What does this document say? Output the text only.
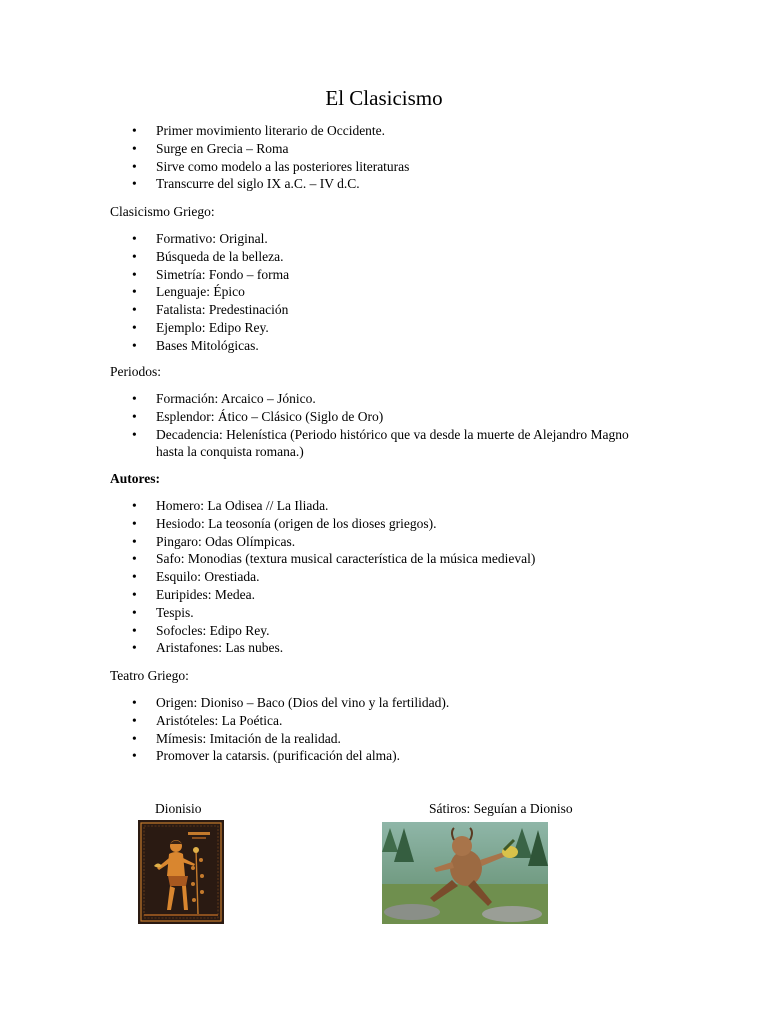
El Clasicismo
• Primer movimiento literario de Occidente.
• Surge en Grecia – Roma
• Sirve como modelo a las posteriores literaturas
• Transcurre del siglo IX a.C. – IV d.C.
Clasicismo Griego:
• Formativo: Original.
• Búsqueda de la belleza.
• Simetría: Fondo – forma
• Lenguaje: Épico
• Fatalista: Predestinación
• Ejemplo: Edipo Rey.
• Bases Mitológicas.
Periodos:
• Formación: Arcaico – Jónico.
• Esplendor: Ático – Clásico (Siglo de Oro)
• Decadencia: Helenística (Periodo histórico que va desde la muerte de Alejandro Magno
hasta la conquista romana.)
Autores:
• Homero: La Odisea // La Iliada.
• Hesiodo: La teosonía (origen de los dioses griegos).
• Pingaro: Odas Olímpicas.
• Safo: Monodias (textura musical característica de la música medieval)
• Esquilo: Orestiada.
• Euripides: Medea.
• Tespis.
• Sofocles: Edipo Rey.
• Aristafones: Las nubes.
Teatro Griego:
• Origen: Dioniso – Baco (Dios del vino y la fertilidad).
• Aristóteles: La Poética.
• Mímesis: Imitación de la realidad.
• Promover la catarsis. (purificación del alma).
Dionisio	Sátiros: Seguían a Dioniso
